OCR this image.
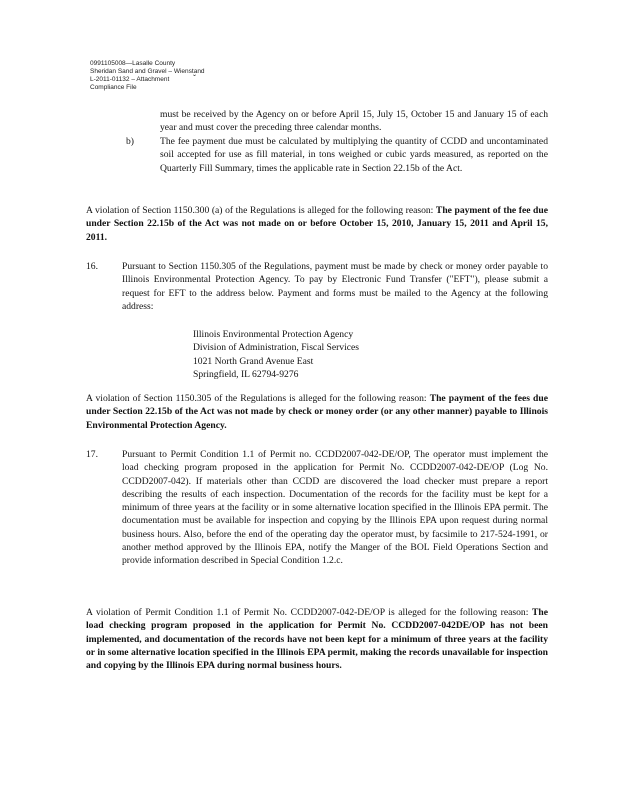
0991105008—Lasalle County
Sheridan Sand and Gravel – Wienstand
L-2011-01132 – Attachment
Compliance File
ˇ
must be received by the Agency on or before April 15, July 15, October 15 and January 15 of each year and must cover the preceding three calendar months.
b)	The fee payment due must be calculated by multiplying the quantity of CCDD and uncontaminated soil accepted for use as fill material, in tons weighed or cubic yards measured, as reported on the Quarterly Fill Summary, times the applicable rate in Section 22.15b of the Act.
A violation of Section 1150.300 (a) of the Regulations is alleged for the following reason: The payment of the fee due under Section 22.15b of the Act was not made on or before October 15, 2010, January 15, 2011 and April 15, 2011.
16.	Pursuant to Section 1150.305 of the Regulations, payment must be made by check or money order payable to Illinois Environmental Protection Agency. To pay by Electronic Fund Transfer ("EFT"), please submit a request for EFT to the address below. Payment and forms must be mailed to the Agency at the following address:
Illinois Environmental Protection Agency
Division of Administration, Fiscal Services
1021 North Grand Avenue East
Springfield, IL 62794-9276
A violation of Section 1150.305 of the Regulations is alleged for the following reason: The payment of the fees due under Section 22.15b of the Act was not made by check or money order (or any other manner) payable to Illinois Environmental Protection Agency.
17.	Pursuant to Permit Condition 1.1 of Permit no. CCDD2007-042-DE/OP, The operator must implement the load checking program proposed in the application for Permit No. CCDD2007-042-DE/OP (Log No. CCDD2007-042). If materials other than CCDD are discovered the load checker must prepare a report describing the results of each inspection. Documentation of the records for the facility must be kept for a minimum of three years at the facility or in some alternative location specified in the Illinois EPA permit. The documentation must be available for inspection and copying by the Illinois EPA upon request during normal business hours. Also, before the end of the operating day the operator must, by facsimile to 217-524-1991, or another method approved by the Illinois EPA, notify the Manger of the BOL Field Operations Section and provide information described in Special Condition 1.2.c.
A violation of Permit Condition 1.1 of Permit No. CCDD2007-042-DE/OP is alleged for the following reason: The load checking program proposed in the application for Permit No. CCDD2007-042DE/OP has not been implemented, and documentation of the records have not been kept for a minimum of three years at the facility or in some alternative location specified in the Illinois EPA permit, making the records unavailable for inspection and copying by the Illinois EPA during normal business hours.
